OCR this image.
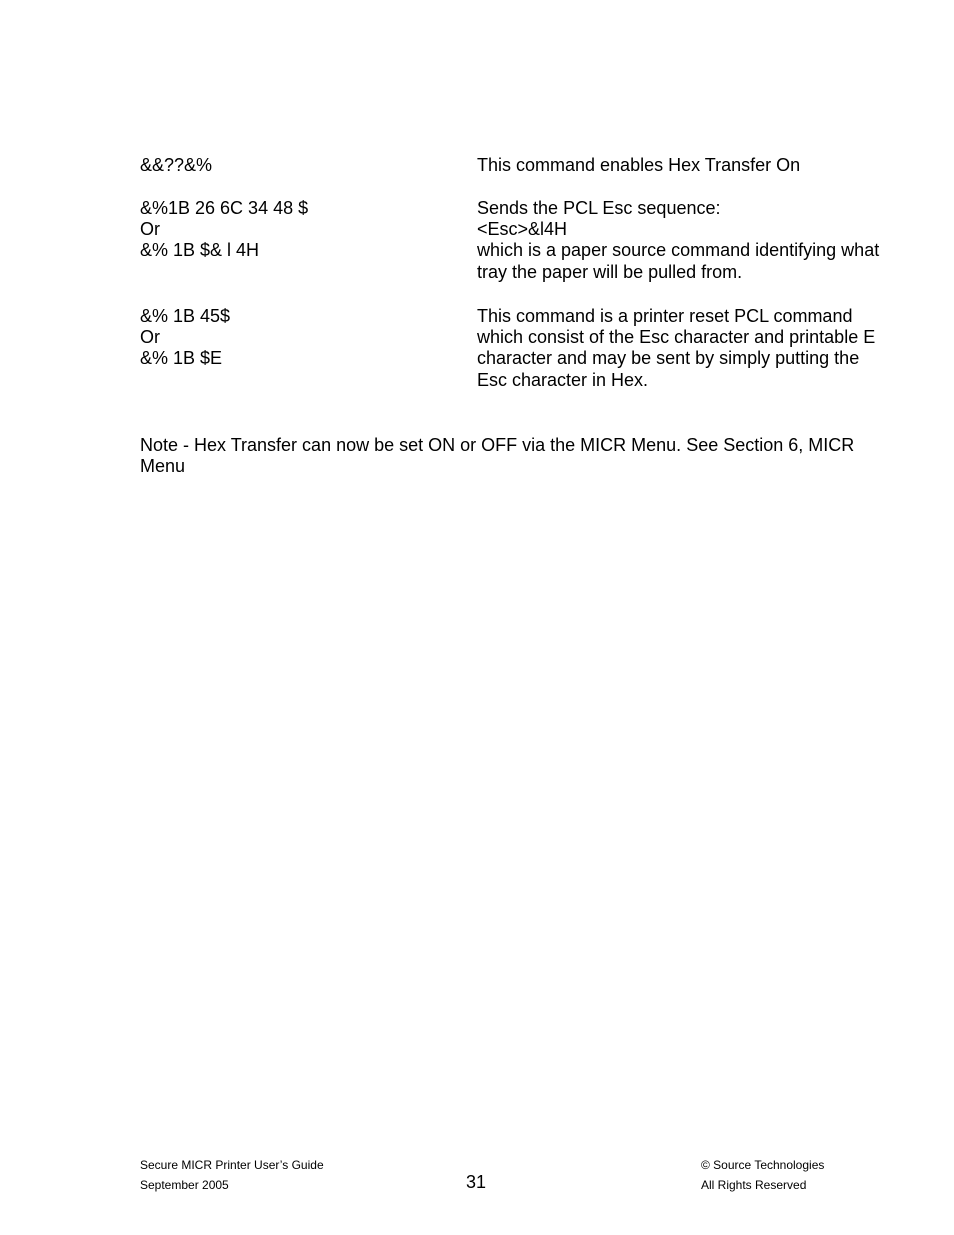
&&??&%	This command enables Hex Transfer On
&%1B 26 6C 34 48 $
Or
&% 1B $& l 4H
Sends the PCL Esc sequence:
<Esc>&l4H
which is a paper source command identifying what
tray the paper will be pulled from.
&% 1B 45$
Or
&% 1B $E
This command is a printer reset PCL command
which consist of the Esc character and printable E
character and may be sent by simply putting the
Esc character in Hex.
Note - Hex Transfer can now be set ON or OFF via the MICR Menu. See Section 6, MICR Menu
Secure MICR Printer User’s Guide
September 2005	31
© Source Technologies
All Rights Reserved
